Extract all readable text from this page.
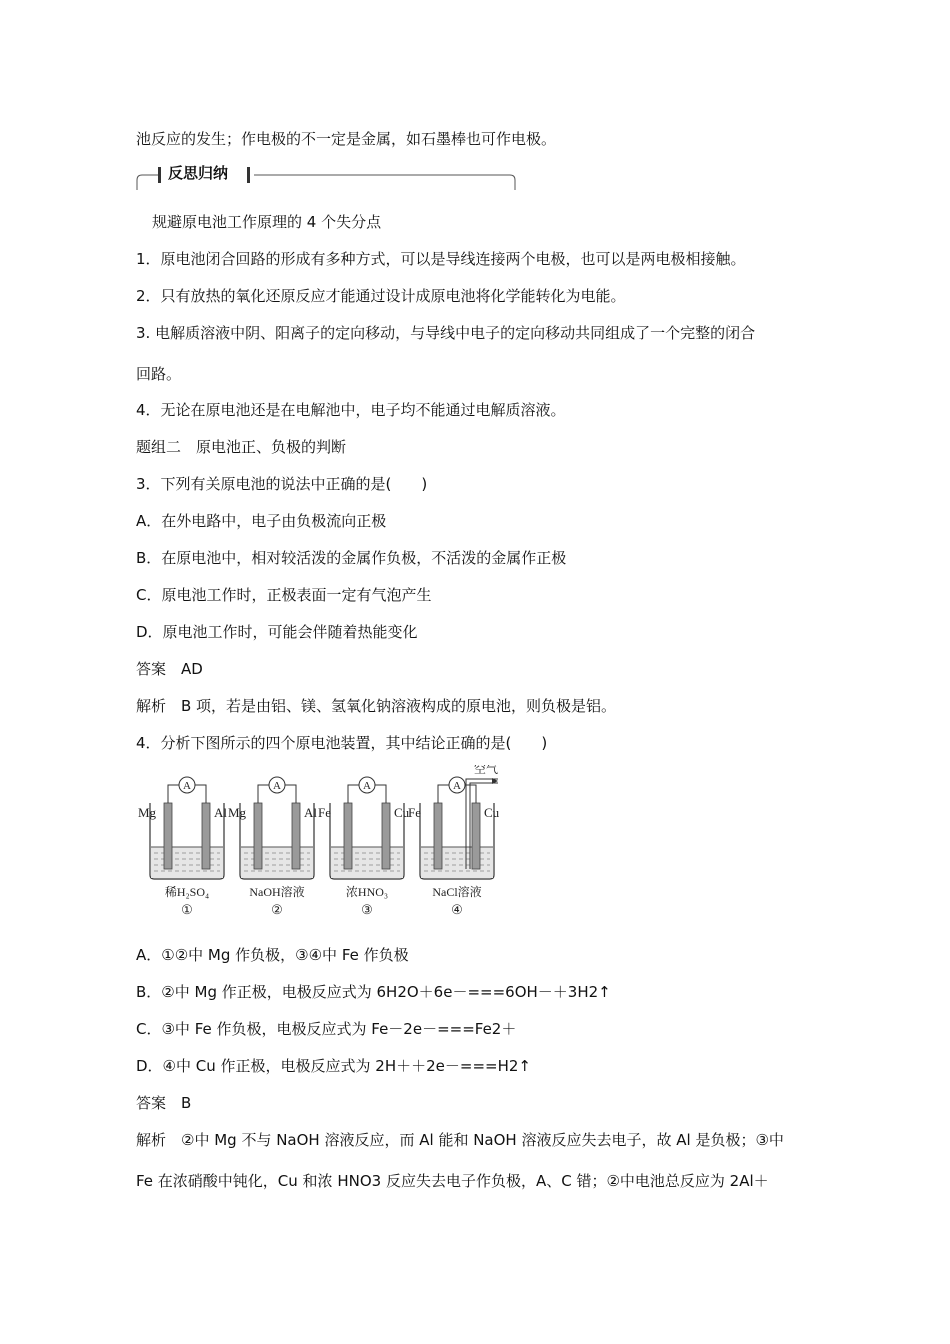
池反应的发生；作电极的不一定是金属，如石墨棒也可作电极。
反思归纳
规避原电池工作原理的 4 个失分点
1．原电池闭合回路的形成有多种方式，可以是导线连接两个电极，也可以是两电极相接触。
2．只有放热的氧化还原反应才能通过设计成原电池将化学能转化为电能。
3. 电解质溶液中阴、阳离子的定向移动，与导线中电子的定向移动共同组成了一个完整的闭合
回路。
4．无论在原电池还是在电解池中，电子均不能通过电解质溶液。
题组二　原电池正、负极的判断
3．下列有关原电池的说法中正确的是(　　)
A．在外电路中，电子由负极流向正极
B．在原电池中，相对较活泼的金属作负极，不活泼的金属作正极
C．原电池工作时，正极表面一定有气泡产生
D．原电池工作时，可能会伴随着热能变化
答案　AD
解析　B 项，若是由铝、镁、氢氧化钠溶液构成的原电池，则负极是铝。
4．分析下图所示的四个原电池装置，其中结论正确的是(　　)
A
Mg	Al
稀H₂SO₄
①
A
Mg	Al
NaOH溶液
②
A
Fe	Cu
浓HNO₃
③
A
Fe	Cu
NaCl溶液
④
空气
A．①②中 Mg 作负极，③④中 Fe 作负极
B．②中 Mg 作正极，电极反应式为 6H2O＋6e－===6OH－＋3H2↑
C．③中 Fe 作负极，电极反应式为 Fe－2e－===Fe2＋
D．④中 Cu 作正极，电极反应式为 2H＋＋2e－===H2↑
答案　B
解析　②中 Mg 不与 NaOH 溶液反应，而 Al 能和 NaOH 溶液反应失去电子，故 Al 是负极；③中
Fe 在浓硝酸中钝化，Cu 和浓 HNO3 反应失去电子作负极，A、C 错；②中电池总反应为 2Al＋
